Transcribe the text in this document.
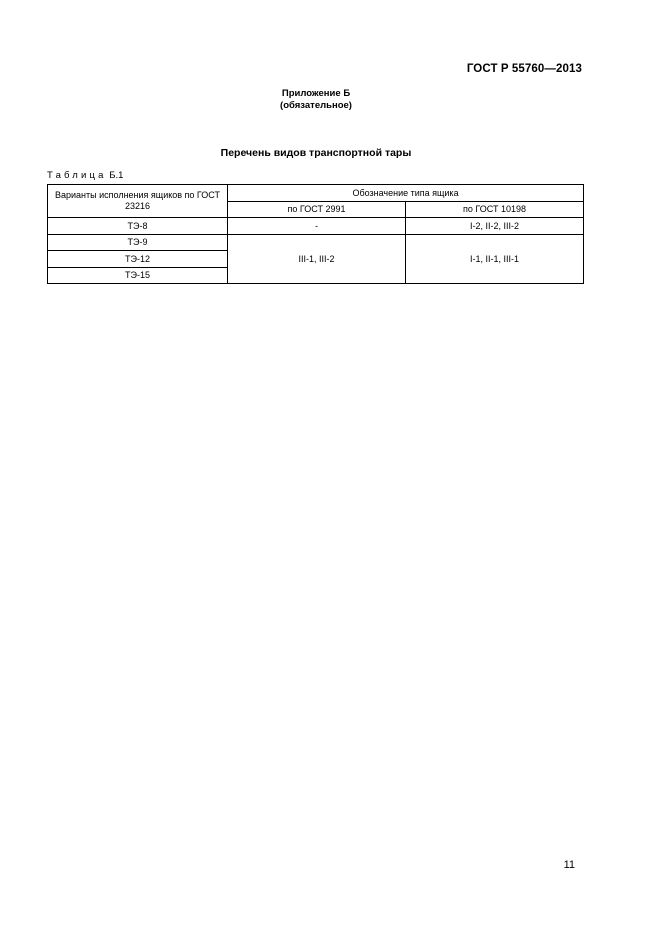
ГОСТ Р 55760—2013
Приложение Б
(обязательное)
Перечень видов транспортной тары
Таблица Б.1
Варианты исполнения ящиков по ГОСТ 23216	Обозначение типа ящика	
	по ГОСТ 2991	по ГОСТ 10198
ТЭ-8	-	I-2, II-2, III-2
ТЭ-9	III-1, III-2	I-1, II-1, III-1
ТЭ-12		
ТЭ-15		
11
